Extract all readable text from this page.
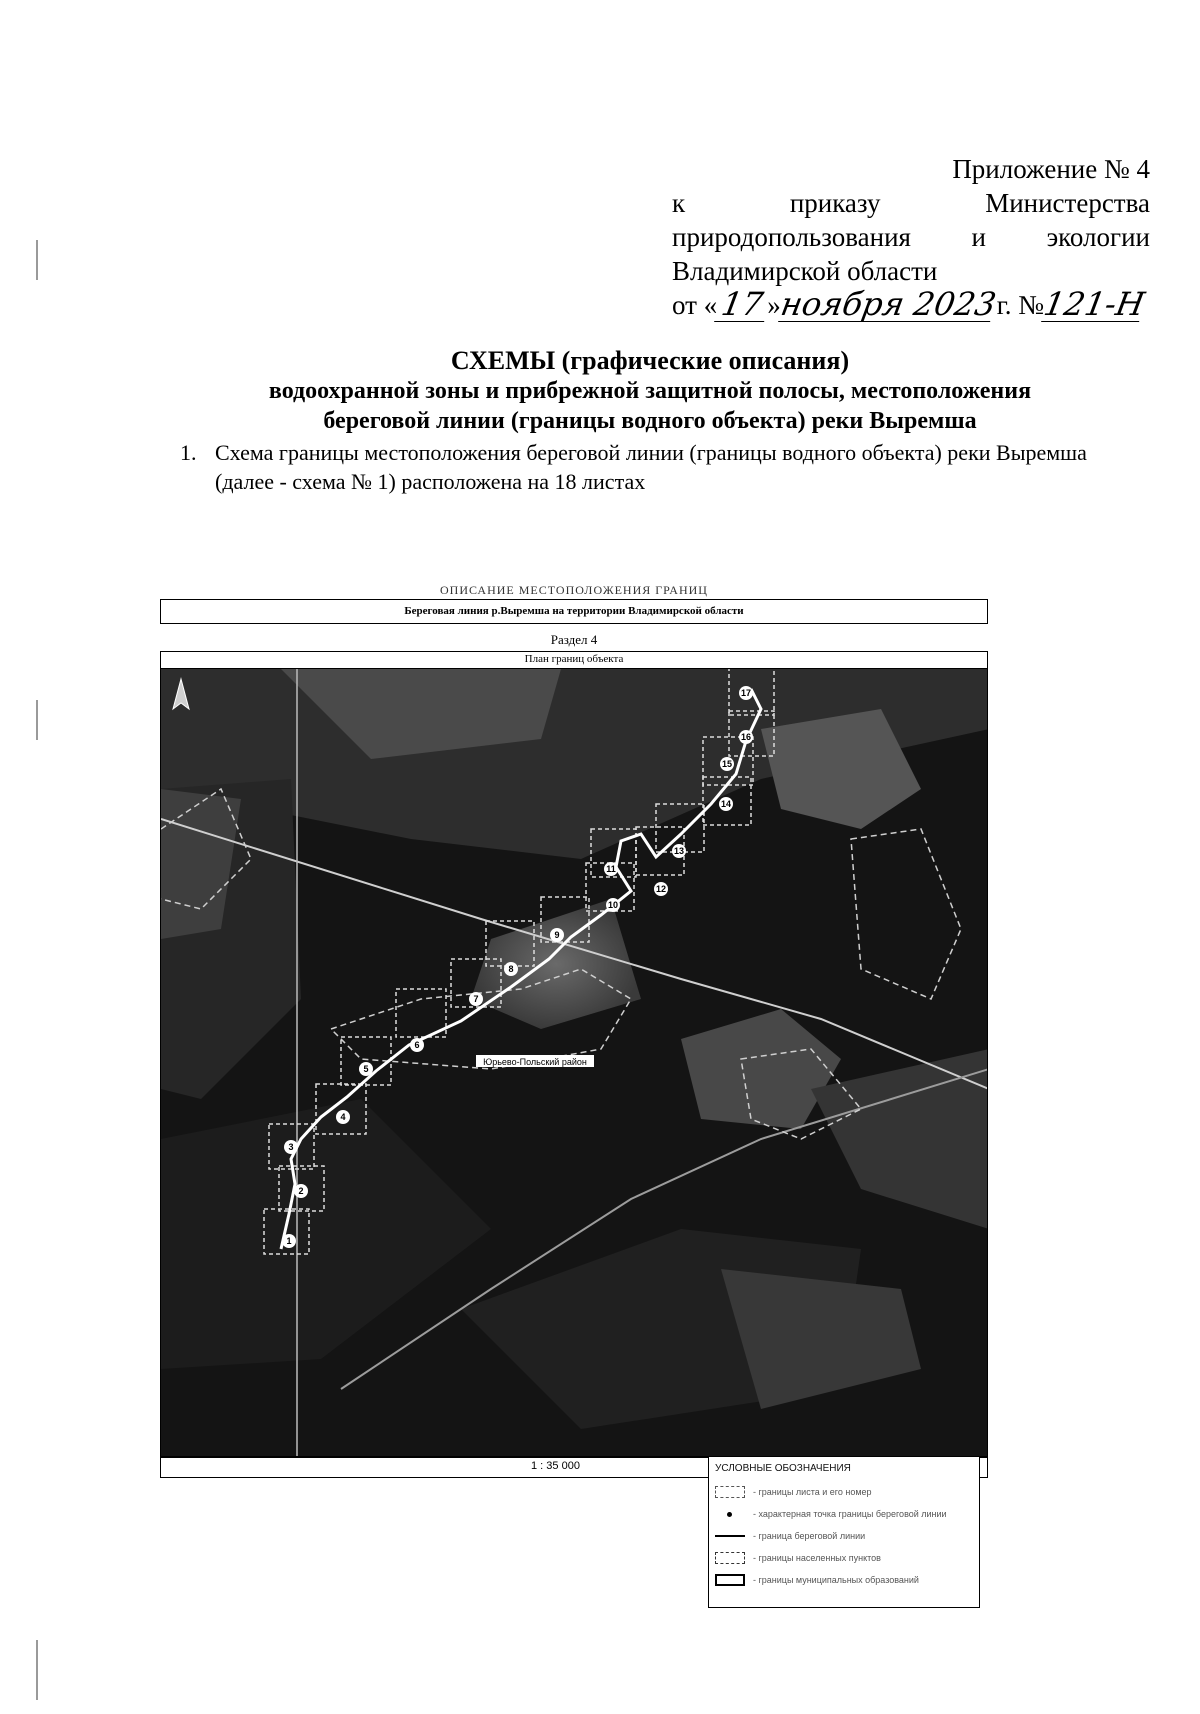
Приложение № 4
к	приказу	Министерства
природопользования и экологии
Владимирской области
от « 17 »
ноября 2023
г. №
121-Н
СХЕМЫ (графические описания)
водоохранной зоны и прибрежной защитной полосы, местоположения
береговой линии (границы водного объекта) реки Выремша
1. Схема границы местоположения береговой линии (границы водного объекта) реки Выремша (далее - схема № 1) расположена на 18 листах
ОПИСАНИЕ МЕСТОПОЛОЖЕНИЯ ГРАНИЦ
Береговая линия р.Выремша на территории Владимирской области
Раздел 4
План границ объекта
1
2
3
4
5
6
7
8
9
10
11
12
13
14
15
16
17
Юрьево-Польский район
1 : 35 000	УСЛОВНЫЕ ОБОЗНАЧЕНИЯ
- границы листа и его номер
- характерная точка границы береговой линии
- граница береговой линии
- границы населенных пунктов
- границы муниципальных образований
